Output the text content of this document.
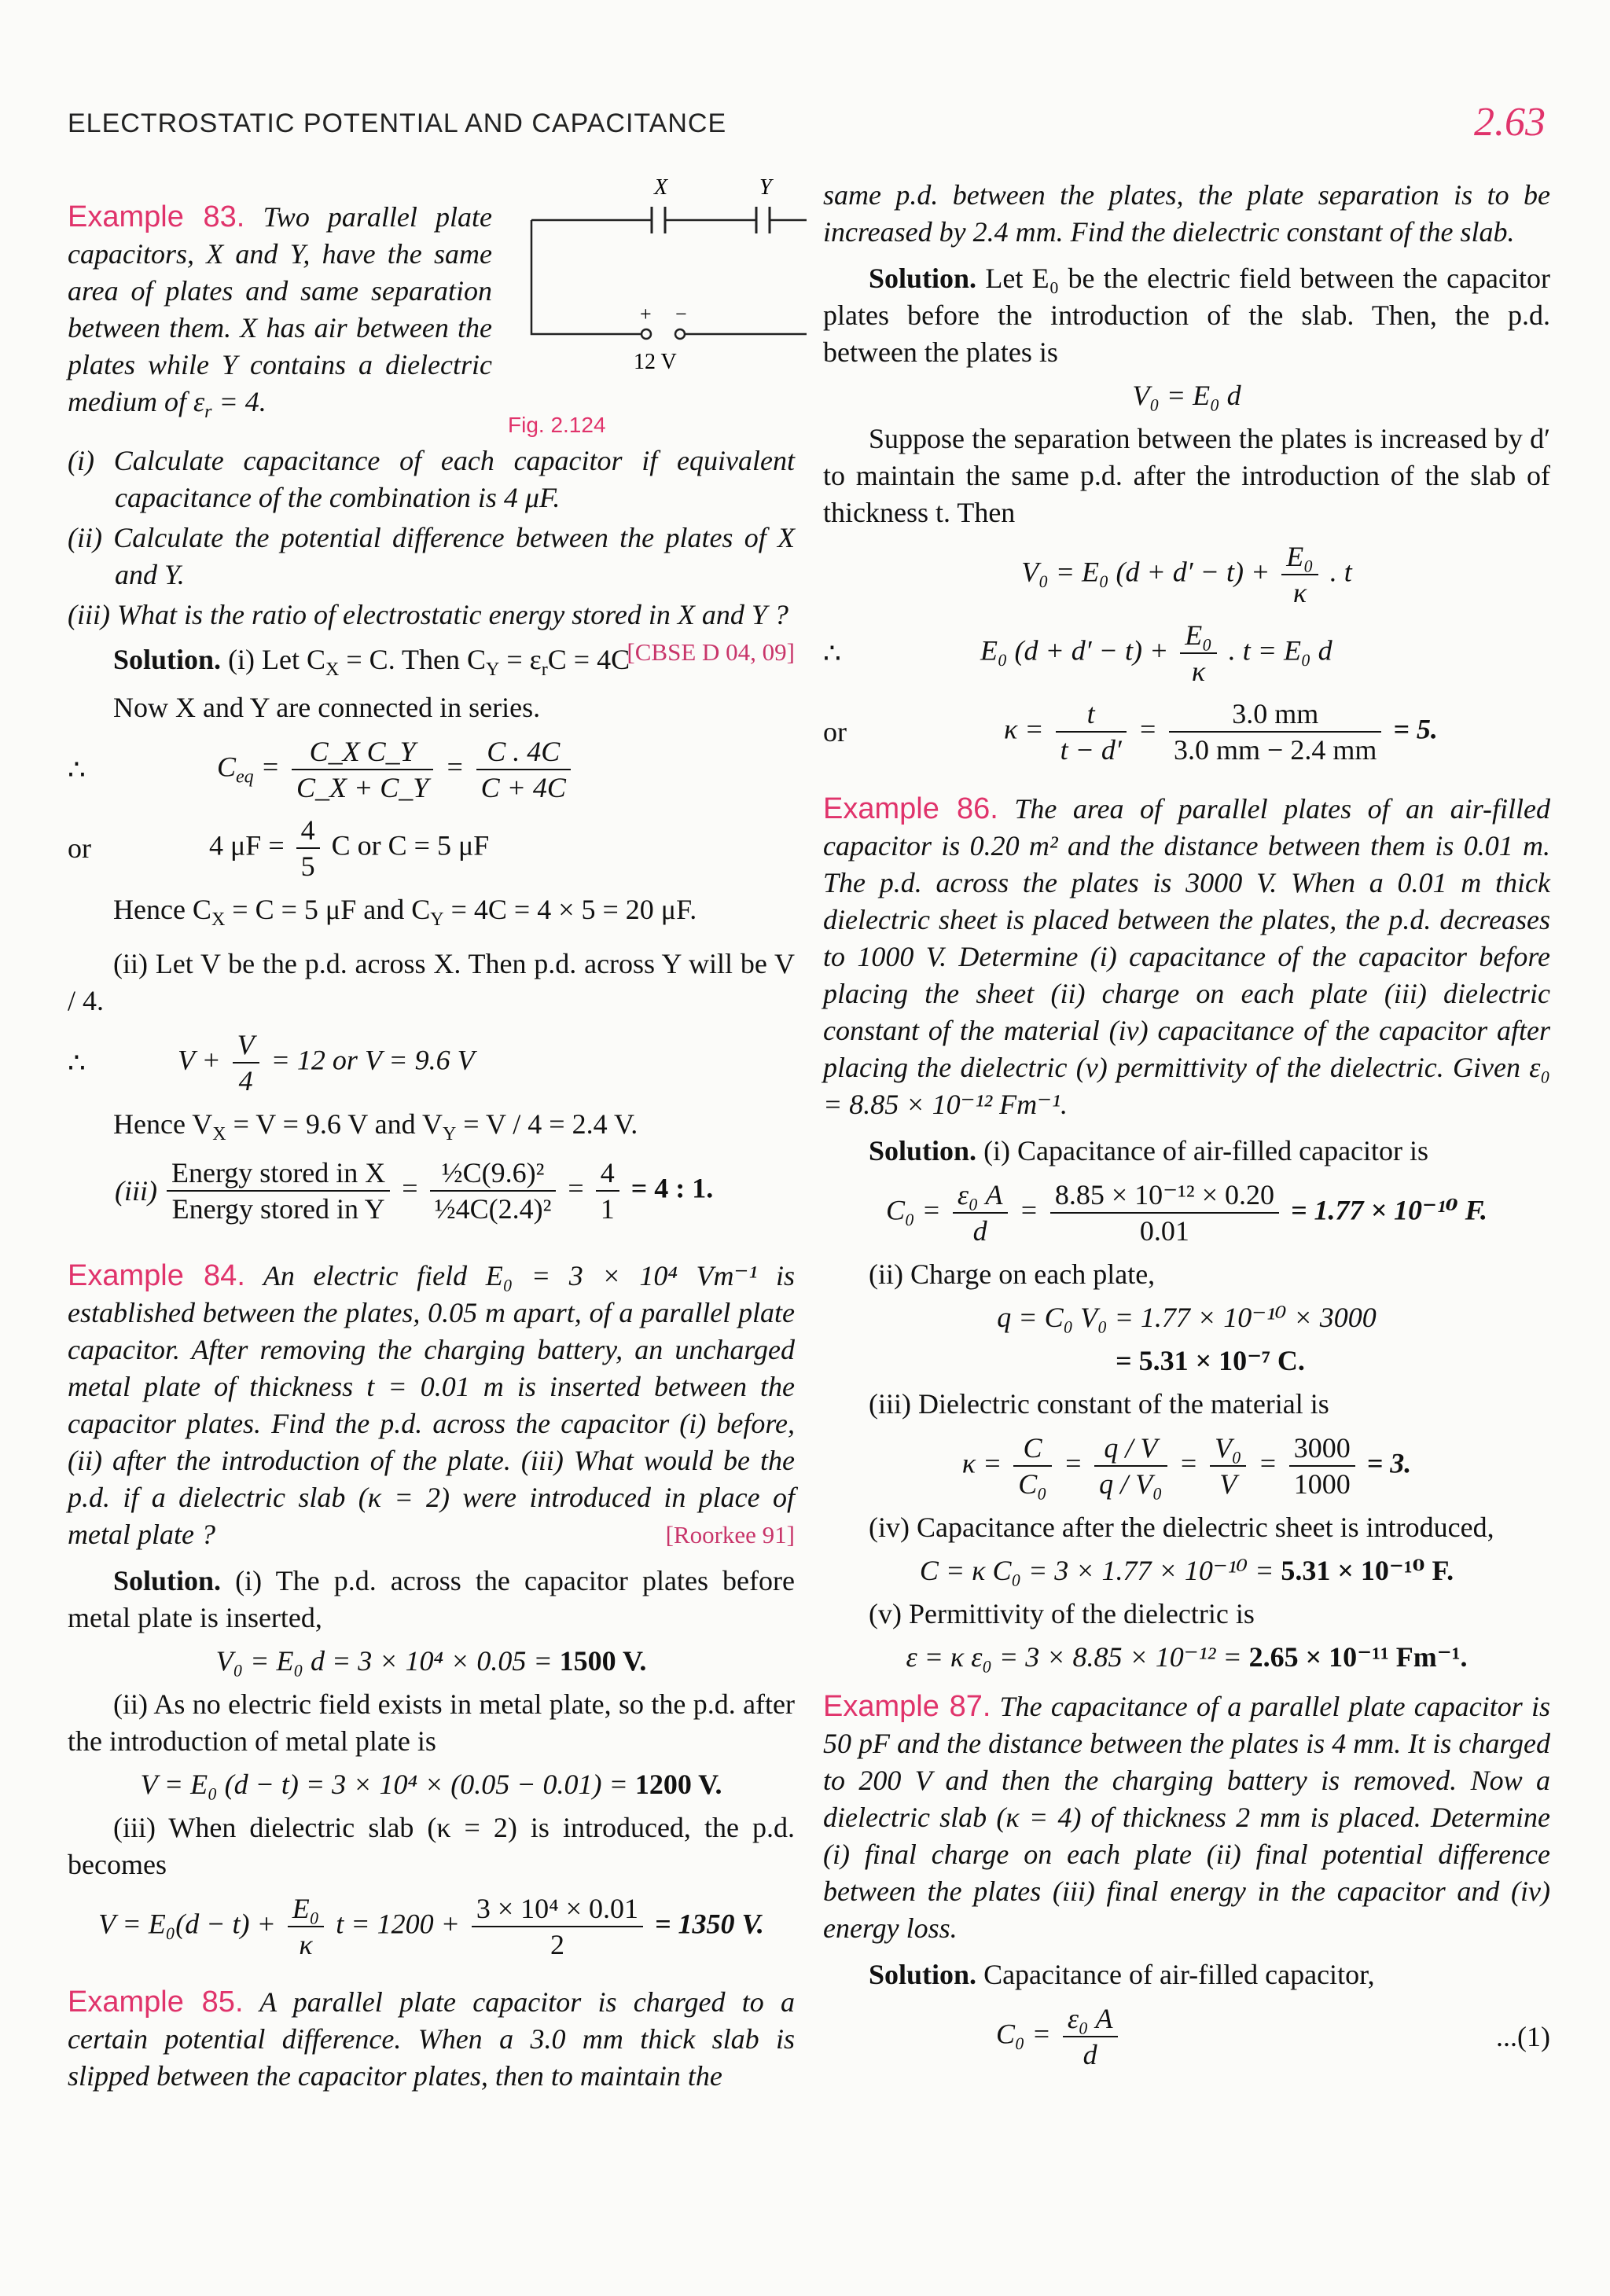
ELECTROSTATIC POTENTIAL AND CAPACITANCE	2.63

Example 83. Two parallel plate capacitors, X and Y, have the same area of plates and same separation between them. X has air between the plates while Y contains a dielectric medium of $\varepsilon_r = 4$.

X	Y
+ −
12 V
Fig. 2.124

(i) Calculate capacitance of each capacitor if equivalent capacitance of the combination is 4 μF.

(ii) Calculate the potential difference between the plates of X and Y.

(iii) What is the ratio of electrostatic energy stored in X and Y ?
[CBSE D 04, 09]

Solution. (i) Let $C_X = C$. Then $C_Y = \varepsilon_rC = 4C$

Now X and Y are connected in series.

∴	$C_{eq} = \frac{\text{C\_X C\_Y}}{C\_X + C\_Y} = \frac{C . 4C}{C + 4C}$
or	4 $\mu F = \frac{4}{5}$ C or C = 5 μF

Hence $C_X = C = 5$ μF and $C_Y = 4C = 4 \times 5 = 20$ μF.

(ii) Let V be the p.d. across X. Then p.d. across Y will be V / 4.

∴	$V + \frac{V}{4} = 12$ or V = 9.6 V

Hence $V_X = V = 9.6$ V and $V_Y = V / 4 = 2.4$ V.

$(iii) \frac{\text{Energy stored in X}}{\text{Energy stored in Y}} = \frac{\text{½C(9.6)²}}{\text{½4C(2.4)²}} = \frac{4}{1} = 4$ : 1.

Example 84. An electric field E₀ = 3 × 10⁴ Vm⁻¹ is established between the plates, 0.05 m apart, of a parallel plate capacitor. After removing the charging battery, an uncharged metal plate of thickness t = 0.01 m is inserted between the capacitor plates. Find the p.d. across the capacitor (i) before, (ii) after the introduction of the plate. (iii) What would be the p.d. if a dielectric slab (κ = 2) were introduced in place of metal plate ?	[Roorkee 91]

Solution. (i) The p.d. across the capacitor plates before metal plate is inserted,

V₀ = E₀ d = 3 × 10⁴ × 0.05 = 1500 V.

(ii) As no electric field exists in metal plate, so the p.d. after the introduction of metal plate is

V = E₀ (d − t) = 3 × 10⁴ × (0.05 − 0.01) = 1200 V.

(iii) When dielectric slab (κ = 2) is introduced, the p.d. becomes

$V = E_0(d - t) + \frac{\text{E₀}}{\kappa}$ $t = 1200 + \frac{\text{3 × 10⁴ × 0.01}}{2} = 1350$ V.

Example 85. A parallel plate capacitor is charged to a certain potential difference. When a 3.0 mm thick slab is slipped between the capacitor plates, then to maintain the

same p.d. between the plates, the plate separation is to be increased by 2.4 mm. Find the dielectric constant of the slab.

Solution. Let E₀ be the electric field between the capacitor plates before the introduction of the slab. Then, the p.d. between the plates is

V₀ = E₀ d

Suppose the separation between the plates is increased by d′ to maintain the same p.d. after the introduction of the slab of thickness t. Then

V₀ = E₀ $(d + d' - t) + \frac{\text{E₀}}{\kappa}$ . t
∴	E₀ $(d + d' - t) + \frac{\text{E₀}}{\kappa}$ . t = E₀ d
or	$\kappa = \frac{t}{t - d'} = \frac{3.0 mm}{3.0 mm - 2.4 mm} = 5$.

Example 86. The area of parallel plates of an air-filled capacitor is 0.20 m² and the distance between them is 0.01 m. The p.d. across the plates is 3000 V. When a 0.01 m thick dielectric sheet is placed between the plates, the p.d. decreases to 1000 V. Determine (i) capacitance of the capacitor before placing the sheet (ii) charge on each plate (iii) dielectric constant of the material (iv) capacitance of the capacitor after placing the dielectric (v) permittivity of the dielectric. Given ε₀ = 8.85 × 10⁻¹² Fm⁻¹.

Solution. (i) Capacitance of air-filled capacitor is

$C_0 = \frac{\text{ε₀ A}}{d} = \frac{\text{8.85 × 10⁻¹² × 0.20}}{0.01} = 1.77 \times 10^{-10}$ F.

(ii) Charge on each plate,

q = C₀ V₀ = 1.77 × 10⁻¹⁰ × 3000

= 5.31 × 10⁻⁷ C.

(iii) Dielectric constant of the material is

$\kappa = \frac{C}{\text{C₀}} = \frac{q / V}{\text{q / V₀}} = \frac{\text{V₀}}{V} = \frac{3000}{1000} = 3$.

(iv) Capacitance after the dielectric sheet is introduced,

C = κ C₀ = 3 × 1.77 × 10⁻¹⁰ = 5.31 × 10⁻¹⁰ F.

(v) Permittivity of the dielectric is

ε = κ ε₀ = 3 × 8.85 × 10⁻¹² = 2.65 × 10⁻¹¹ Fm⁻¹.

Example 87. The capacitance of a parallel plate capacitor is 50 pF and the distance between the plates is 4 mm. It is charged to 200 V and then the charging battery is removed. Now a dielectric slab (κ = 4) of thickness 2 mm is placed. Determine (i) final charge on each plate (ii) final potential difference between the plates (iii) final energy in the capacitor and (iv) energy loss.

Solution. Capacitance of air-filled capacitor,

$C_0 = \frac{\text{ε₀ A}}{d}$	...(1)
